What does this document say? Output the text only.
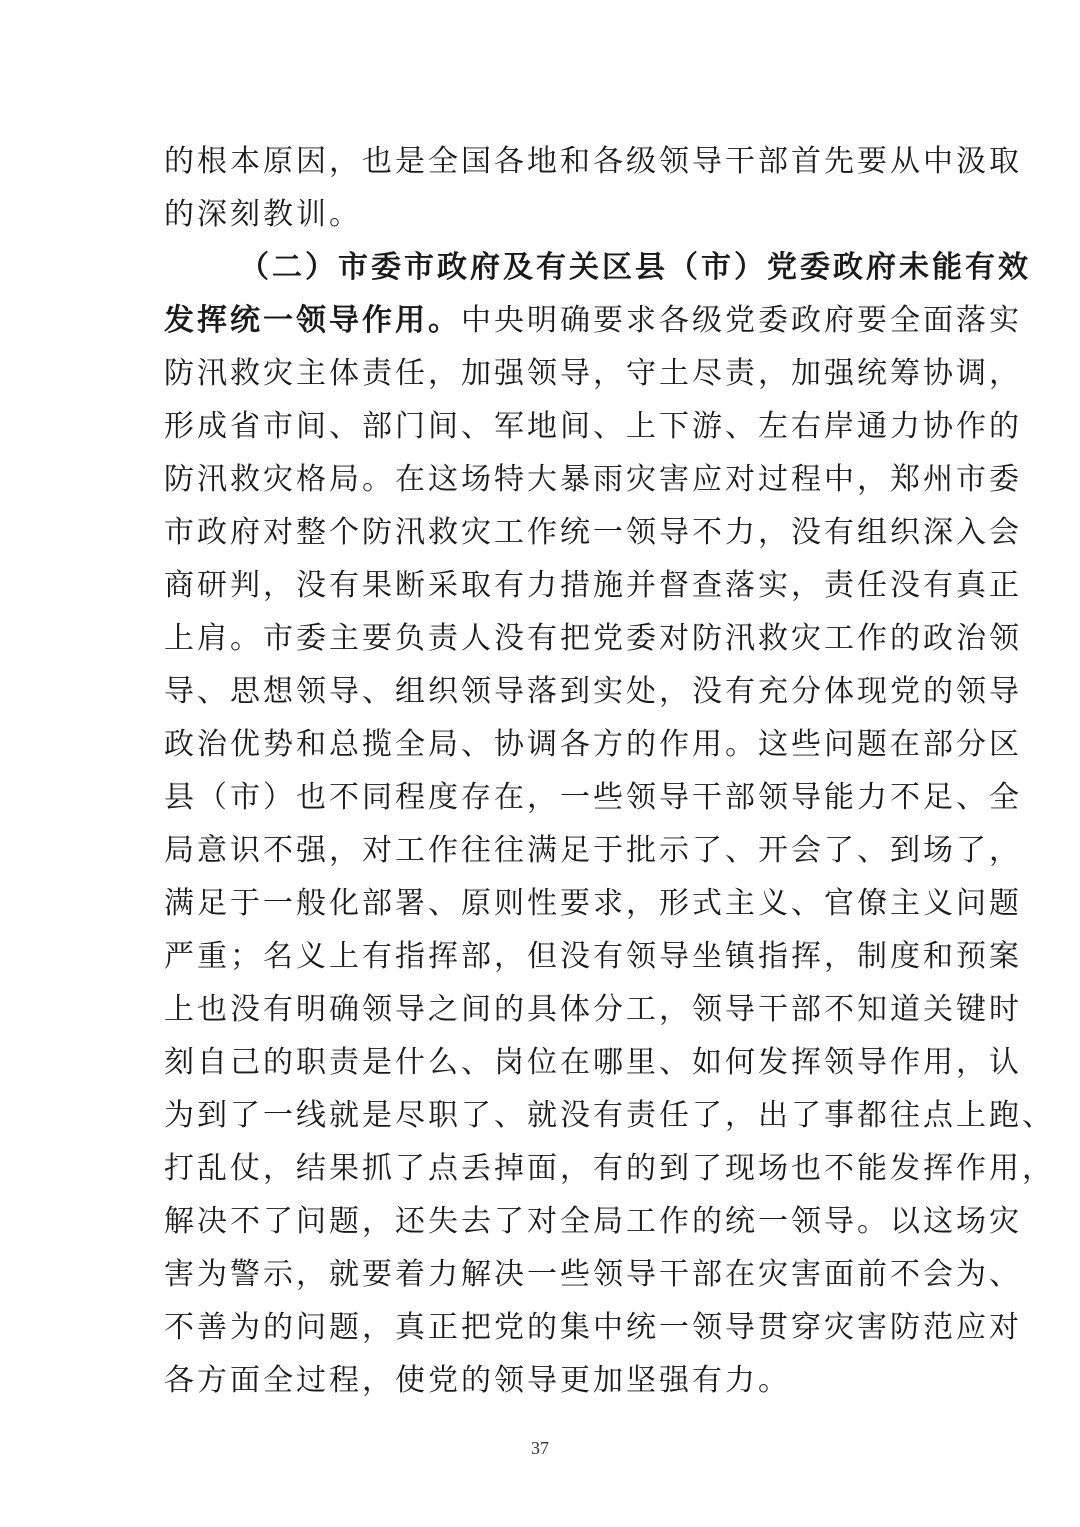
的根本原因，也是全国各地和各级领导干部首先要从中汲取
的深刻教训。
（二）市委市政府及有关区县（市）党委政府未能有效
发挥统一领导作用。中央明确要求各级党委政府要全面落实
防汛救灾主体责任，加强领导，守土尽责，加强统筹协调，
形成省市间、部门间、军地间、上下游、左右岸通力协作的
防汛救灾格局。在这场特大暴雨灾害应对过程中，郑州市委
市政府对整个防汛救灾工作统一领导不力，没有组织深入会
商研判，没有果断采取有力措施并督查落实，责任没有真正
上肩。市委主要负责人没有把党委对防汛救灾工作的政治领
导、思想领导、组织领导落到实处，没有充分体现党的领导
政治优势和总揽全局、协调各方的作用。这些问题在部分区
县（市）也不同程度存在，一些领导干部领导能力不足、全
局意识不强，对工作往往满足于批示了、开会了、到场了，
满足于一般化部署、原则性要求，形式主义、官僚主义问题
严重；名义上有指挥部，但没有领导坐镇指挥，制度和预案
上也没有明确领导之间的具体分工，领导干部不知道关键时
刻自己的职责是什么、岗位在哪里、如何发挥领导作用，认
为到了一线就是尽职了、就没有责任了，出了事都往点上跑、
打乱仗，结果抓了点丢掉面，有的到了现场也不能发挥作用，
解决不了问题，还失去了对全局工作的统一领导。以这场灾
害为警示，就要着力解决一些领导干部在灾害面前不会为、
不善为的问题，真正把党的集中统一领导贯穿灾害防范应对
各方面全过程，使党的领导更加坚强有力。
37
